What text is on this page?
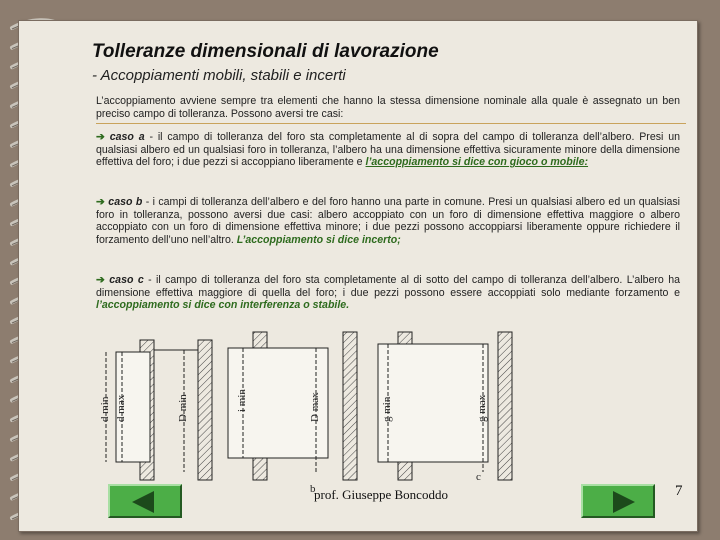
Tolleranze dimensionali di lavorazione
- Accoppiamenti mobili, stabili e incerti

L’accoppiamento avviene sempre tra elementi che hanno la stessa dimensione nominale alla quale è assegnato un ben preciso campo di tolleranza. Possono aversi tre casi:

➔ caso a - il campo di tolleranza del foro sta completamente al di sopra del campo di tolleranza dell’albero. Presi un qualsiasi albero ed un qualsiasi foro in tolleranza, l’albero ha una dimensione effettiva sicuramente minore della dimensione effettiva del foro; i due pezzi si accoppiano liberamente e l’accoppiamento si dice con gioco o mobile:

➔ caso b - i campi di tolleranza dell’albero e del foro hanno una parte in comune. Presi un qualsiasi albero ed un qualsiasi foro in tolleranza, possono aversi due casi: albero accoppiato con un foro di dimensione effettiva maggiore o albero accoppiato con un foro di dimensione effettiva minore; i due pezzi possono accoppiarsi liberamente oppure richiedere il forzamento dell’uno nell’altro. L’accoppiamento si dice incerto;

➔ caso c - il campo di tolleranza del foro sta completamente al di sotto del campo di tolleranza dell’albero. L’albero ha dimensione effettiva maggiore di quella del foro; i due pezzi possono essere accoppiati solo mediante forzamento e l’accoppiamento si dice con interferenza o stabile.

d min d max	D min	i min	D max	g min	g max
b
c
prof. Giuseppe Boncoddo	7
